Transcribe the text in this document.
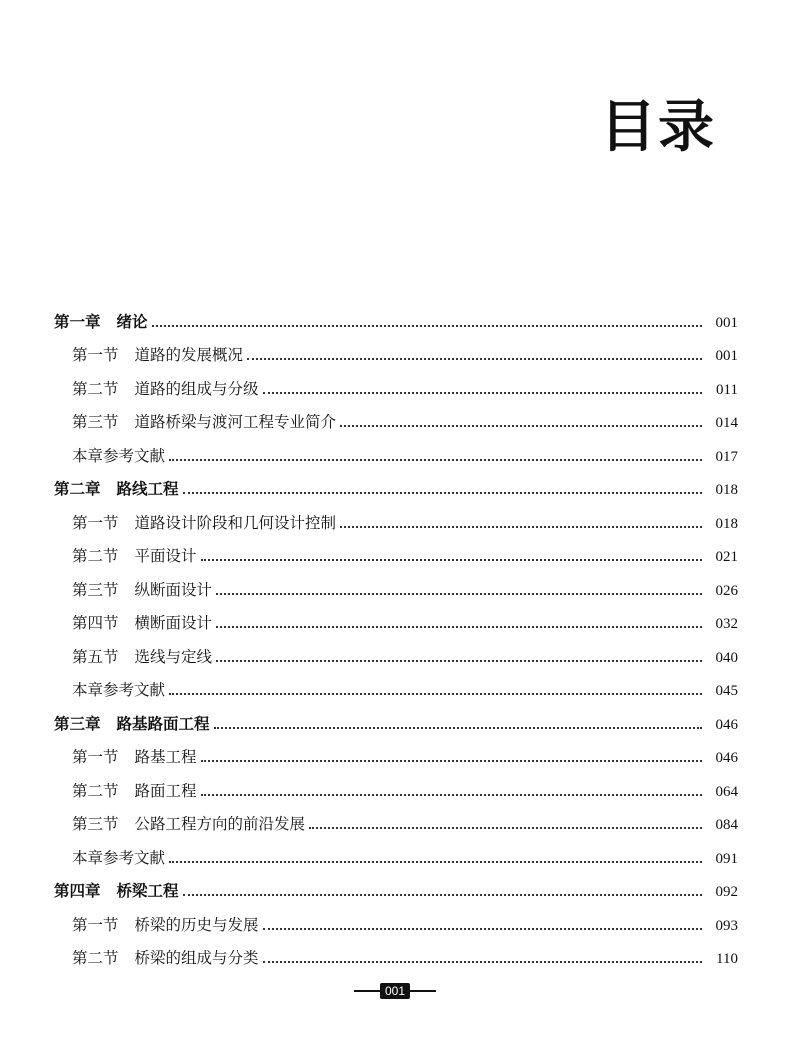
目录
第一章 绪论	001
第一节 道路的发展概况	001
第二节 道路的组成与分级	011
第三节 道路桥梁与渡河工程专业简介	014
本章参考文献	017
第二章 路线工程	018
第一节 道路设计阶段和几何设计控制	018
第二节 平面设计	021
第三节 纵断面设计	026
第四节 横断面设计	032
第五节 选线与定线	040
本章参考文献	045
第三章 路基路面工程	046
第一节 路基工程	046
第二节 路面工程	064
第三节 公路工程方向的前沿发展	084
本章参考文献	091
第四章 桥梁工程	092
第一节 桥梁的历史与发展	093
第二节 桥梁的组成与分类	110
001
